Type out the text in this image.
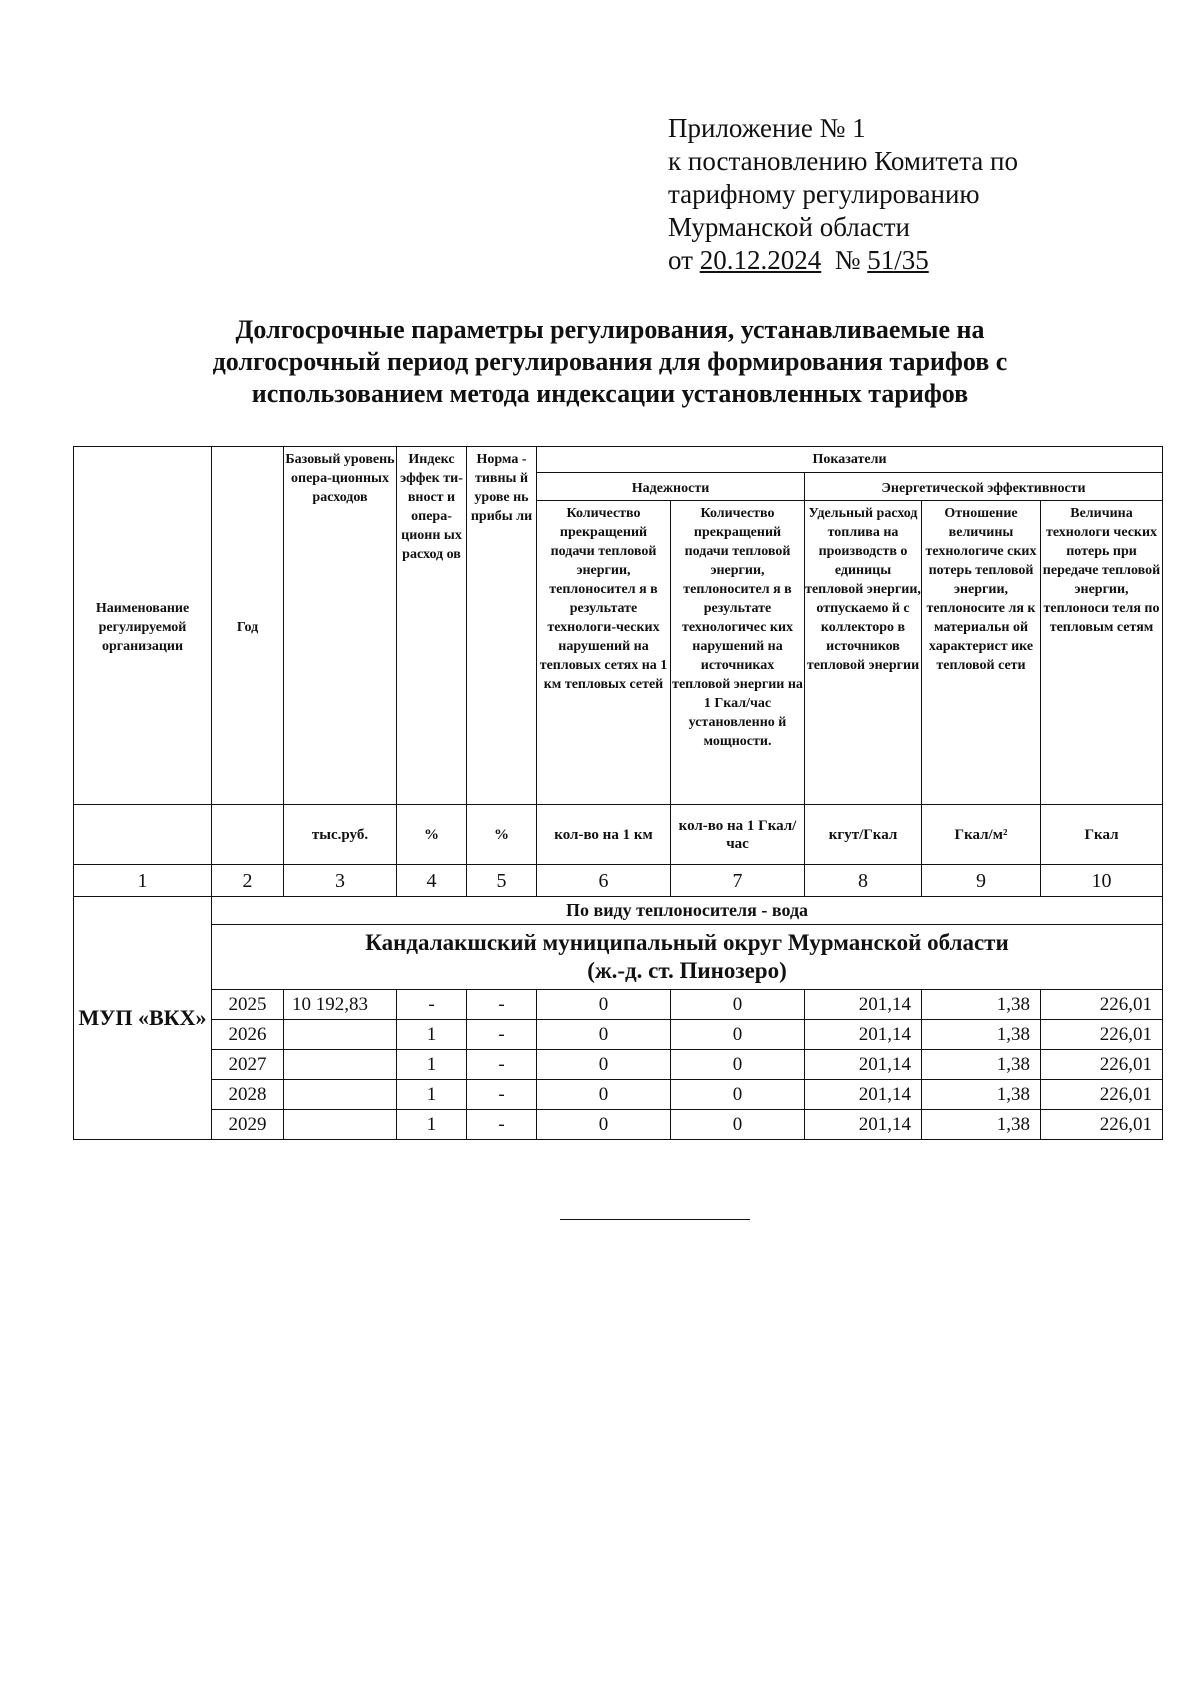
Приложение № 1
к постановлению Комитета по
тарифному регулированию
Мурманской области
от 20.12.2024 № 51/35
Долгосрочные параметры регулирования, устанавливаемые на долгосрочный период регулирования для формирования тарифов с использованием метода индексации установленных тарифов
Наименование регулируемой организации	Год	Базовый уровень опера-ционных расходов	Индекс эффек ти-вност и опера-ционн ых расход ов	Норма - тивны й урове нь прибы ли	Показатели				
					Надежности		Энергетической эффективности		
					Количество прекращений подачи тепловой энергии, теплоносител я в результате технологи-ческих нарушений на тепловых сетях на 1 км тепловых сетей	Количество прекращений подачи тепловой энергии, теплоносител я в результате технологичес ких нарушений на источниках тепловой энергии на 1 Гкал/час установленно й мощности.	Удельный расход топлива на производств о единицы тепловой энергии, отпускаемо й с коллекторо в источников тепловой энергии	Отношение величины технологиче ских потерь тепловой энергии, теплоносите ля к материальн ой характерист ике тепловой сети	Величина технологи ческих потерь при передаче тепловой энергии, теплоноси теля по тепловым сетям
		тыс.руб.	%	%	кол-во на 1 км	кол-во на 1 Гкал/час	кгут/Гкал	Гкал/м²	Гкал
1	2	3	4	5	6	7	8	9	10
МУП «ВКХ»	По виду теплоносителя - вода								

	Кандалакшский муниципальный округ Мурманской области
(ж.-д. ст. Пинозеро)								

	2025	10 192,83	-	-	0	0	201,14	1,38	226,01
	2026		1	-	0	0	201,14	1,38	226,01
	2027		1	-	0	0	201,14	1,38	226,01
	2028		1	-	0	0	201,14	1,38	226,01
	2029		1	-	0	0	201,14	1,38	226,01
